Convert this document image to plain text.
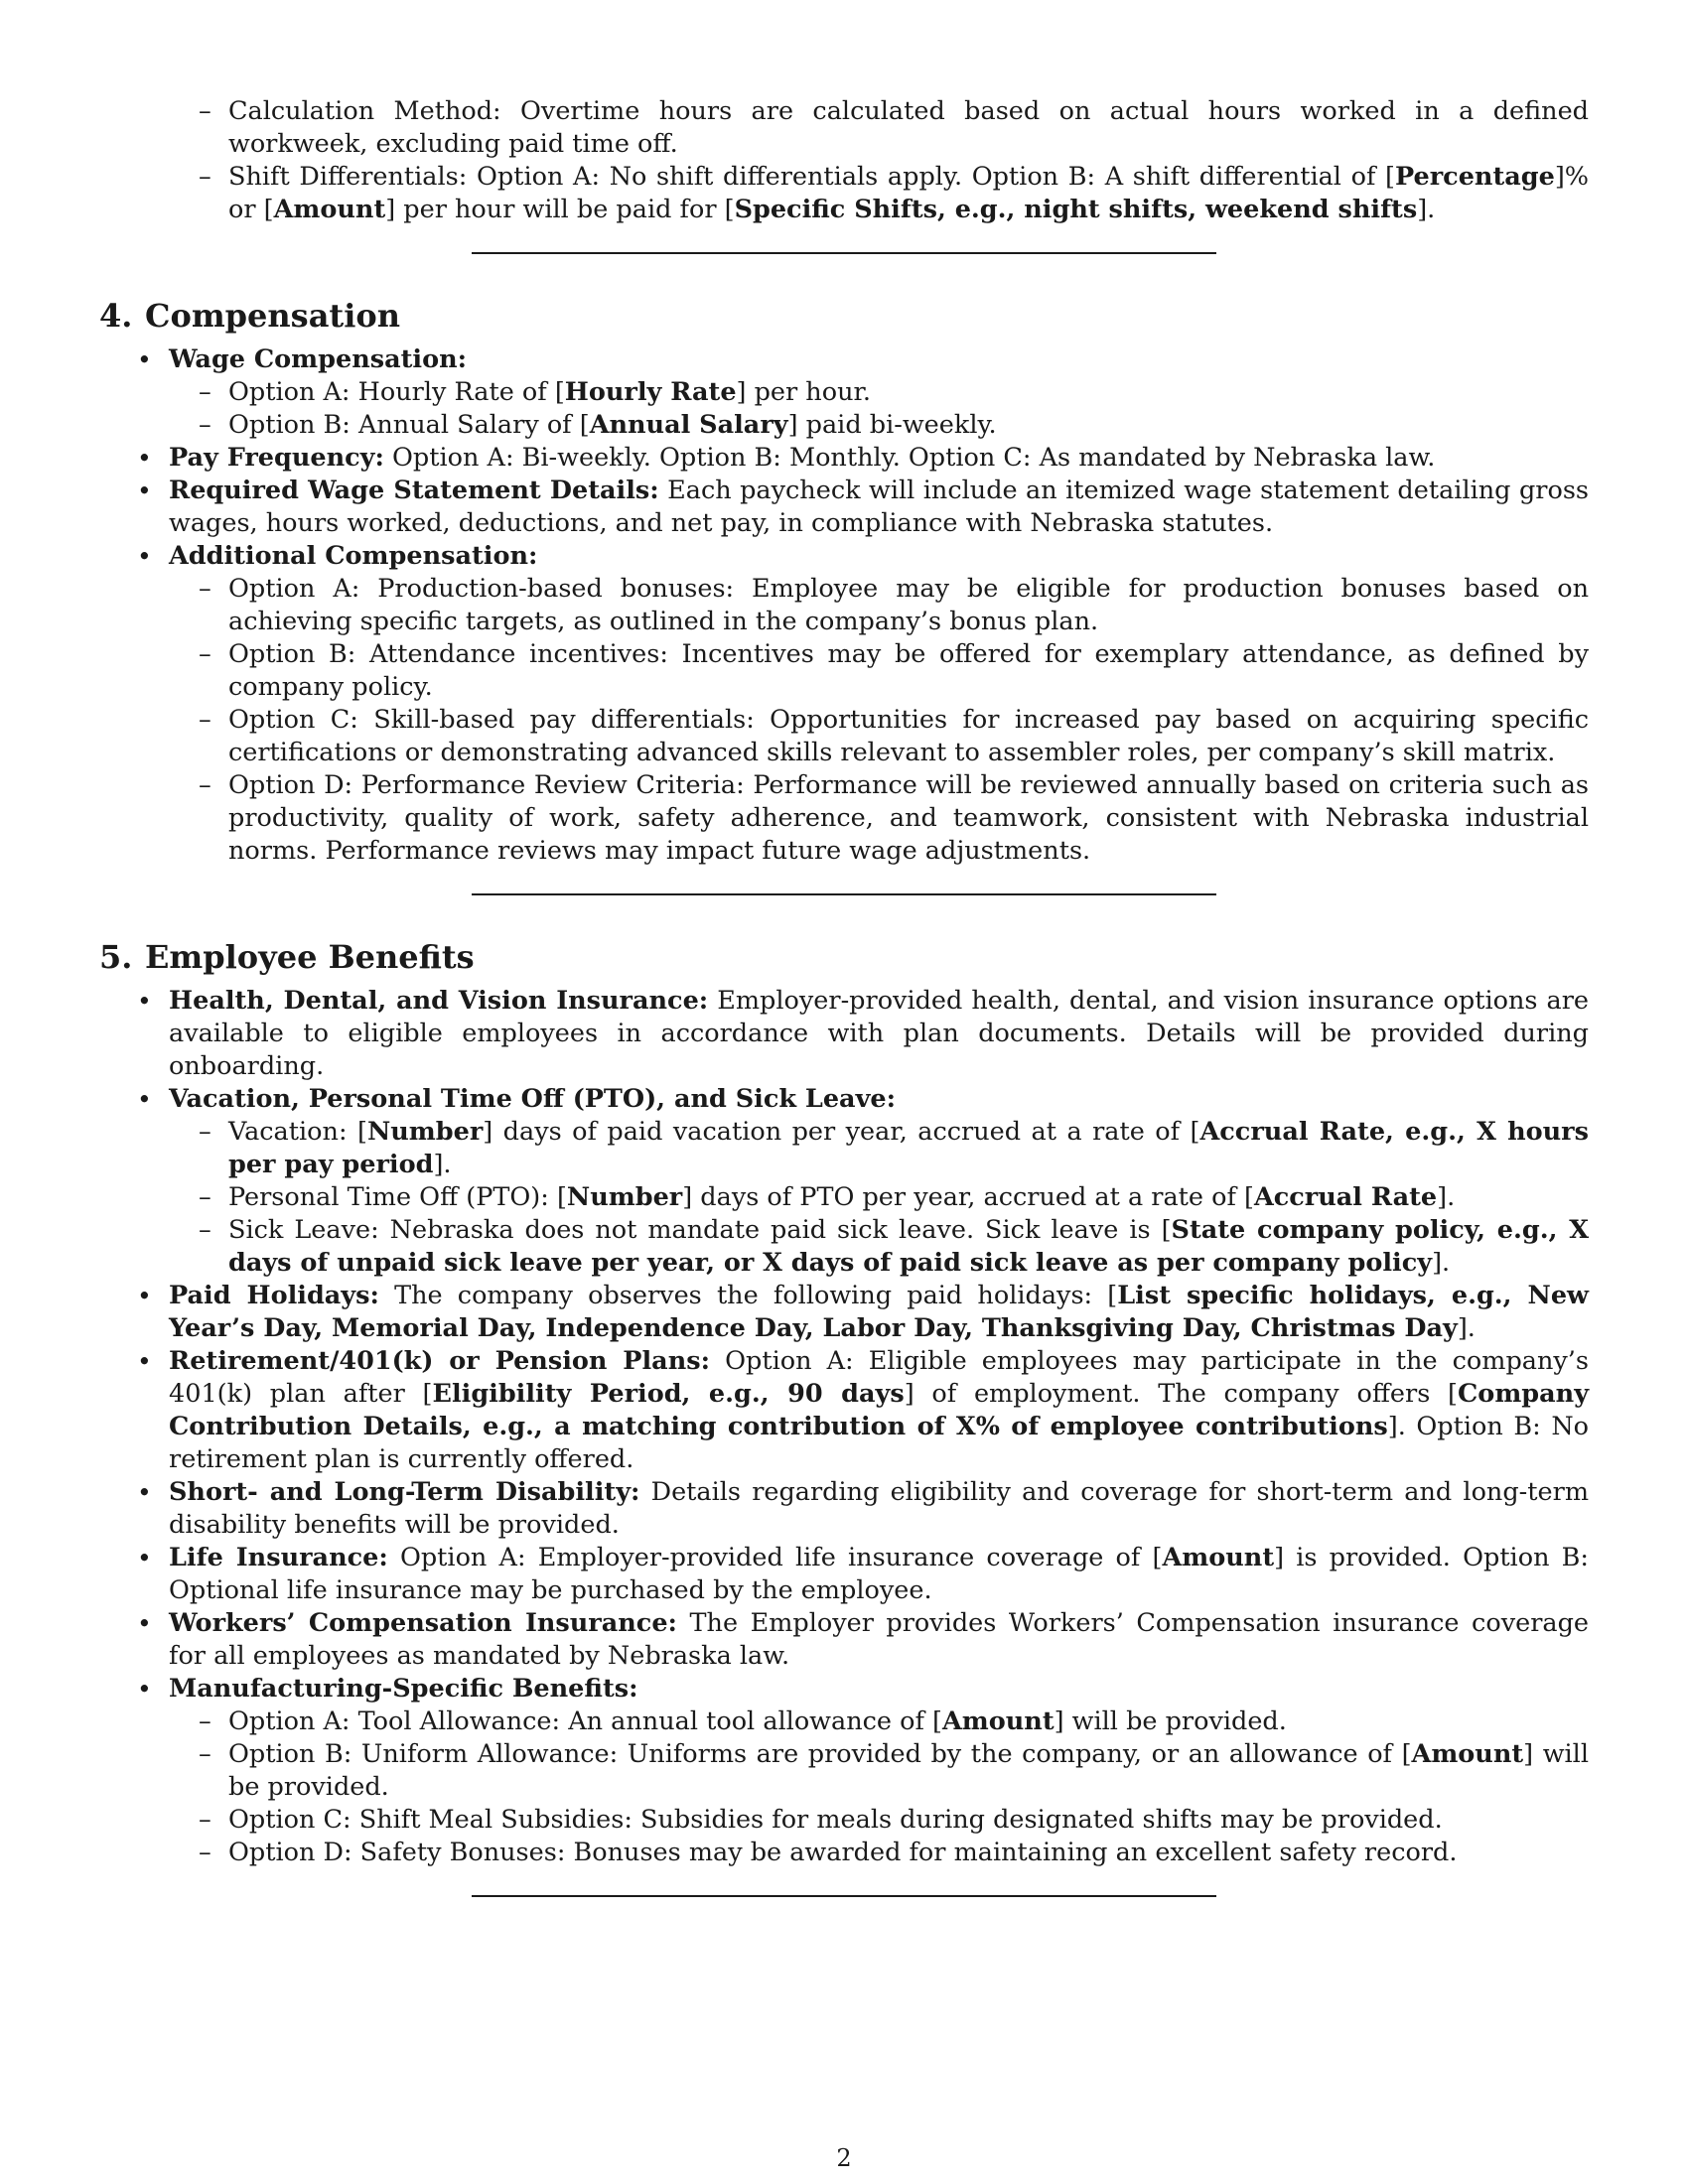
– Calculation Method: Overtime hours are calculated based on actual hours worked in a defined workweek, excluding paid time off.
– Shift Differentials: Option A: No shift differentials apply. Option B: A shift differential of [Percentage]% or [Amount] per hour will be paid for [Specific Shifts, e.g., night shifts, weekend shifts].
4. Compensation
• Wage Compensation:
– Option A: Hourly Rate of [Hourly Rate] per hour.
– Option B: Annual Salary of [Annual Salary] paid bi-weekly.
• Pay Frequency: Option A: Bi-weekly. Option B: Monthly. Option C: As mandated by Nebraska law.
• Required Wage Statement Details: Each paycheck will include an itemized wage statement detailing gross wages, hours worked, deductions, and net pay, in compliance with Nebraska statutes.
• Additional Compensation:
– Option A: Production-based bonuses: Employee may be eligible for production bonuses based on achieving specific targets, as outlined in the company’s bonus plan.
– Option B: Attendance incentives: Incentives may be offered for exemplary attendance, as defined by company policy.
– Option C: Skill-based pay differentials: Opportunities for increased pay based on acquiring specific certifications or demonstrating advanced skills relevant to assembler roles, per company’s skill matrix.
– Option D: Performance Review Criteria: Performance will be reviewed annually based on criteria such as productivity, quality of work, safety adherence, and teamwork, consistent with Nebraska industrial norms. Performance reviews may impact future wage adjustments.
5. Employee Benefits
• Health, Dental, and Vision Insurance: Employer-provided health, dental, and vision insurance options are available to eligible employees in accordance with plan documents. Details will be provided during onboarding.
• Vacation, Personal Time Off (PTO), and Sick Leave:
– Vacation: [Number] days of paid vacation per year, accrued at a rate of [Accrual Rate, e.g., X hours per pay period].
– Personal Time Off (PTO): [Number] days of PTO per year, accrued at a rate of [Accrual Rate].
– Sick Leave: Nebraska does not mandate paid sick leave. Sick leave is [State company policy, e.g., X days of unpaid sick leave per year, or X days of paid sick leave as per company policy].
• Paid Holidays: The company observes the following paid holidays: [List specific holidays, e.g., New Year’s Day, Memorial Day, Independence Day, Labor Day, Thanksgiving Day, Christmas Day].
• Retirement/401(k) or Pension Plans: Option A: Eligible employees may participate in the company’s 401(k) plan after [Eligibility Period, e.g., 90 days] of employment. The company offers [Company Contribution Details, e.g., a matching contribution of X% of employee contributions]. Option B: No retirement plan is currently offered.
• Short- and Long-Term Disability: Details regarding eligibility and coverage for short-term and long-term disability benefits will be provided.
• Life Insurance: Option A: Employer-provided life insurance coverage of [Amount] is provided. Option B: Optional life insurance may be purchased by the employee.
• Workers’ Compensation Insurance: The Employer provides Workers’ Compensation insurance coverage for all employees as mandated by Nebraska law.
• Manufacturing-Specific Benefits:
– Option A: Tool Allowance: An annual tool allowance of [Amount] will be provided.
– Option B: Uniform Allowance: Uniforms are provided by the company, or an allowance of [Amount] will be provided.
– Option C: Shift Meal Subsidies: Subsidies for meals during designated shifts may be provided.
– Option D: Safety Bonuses: Bonuses may be awarded for maintaining an excellent safety record.
2
